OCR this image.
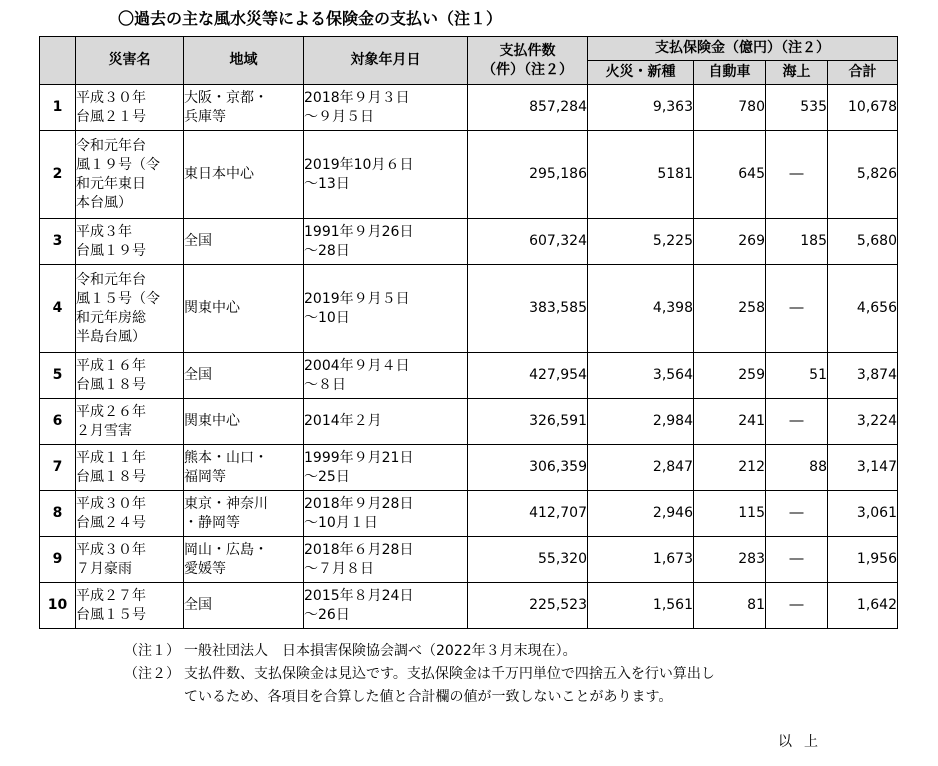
〇過去の主な風水災等による保険金の支払い（注１）
	災害名	地域	対象年月日	支払件数
（件）（注２）	支払保険金（億円）（注２）			
					火災・新種	自動車	海上	合計
1	平成３０年
台風２１号	大阪・京都・
兵庫等	2018年９月３日
～９月５日	857,284	9,363	780	535	10,678
2	令和元年台
風１９号（令
和元年東日
本台風）	東日本中心	2019年10月６日
～13日	295,186	5181	645	―	5,826
3	平成３年
台風１９号	全国	1991年９月26日
～28日	607,324	5,225	269	185	5,680
4	令和元年台
風１５号（令
和元年房総
半島台風）	関東中心	2019年９月５日
～10日	383,585	4,398	258	―	4,656
5	平成１６年
台風１８号	全国	2004年９月４日
～８日	427,954	3,564	259	51	3,874
6	平成２６年
２月雪害	関東中心	2014年２月	326,591	2,984	241	―	3,224
7	平成１１年
台風１８号	熊本・山口・
福岡等	1999年９月21日
～25日	306,359	2,847	212	88	3,147
8	平成３０年
台風２４号	東京・神奈川
・静岡等	2018年９月28日
～10月１日	412,707	2,946	115	―	3,061
9	平成３０年
７月豪雨	岡山・広島・
愛媛等	2018年６月28日
～７月８日	55,320	1,673	283	―	1,956
10	平成２７年
台風１５号	全国	2015年８月24日
～26日	225,523	1,561	81	―	1,642
（注１） 一般社団法人　日本損害保険協会調べ（2022年３月末現在）。
（注２） 支払件数、支払保険金は見込です。支払保険金は千万円単位で四捨五入を行い算出し
ているため、各項目を合算した値と合計欄の値が一致しないことがあります。
以上
